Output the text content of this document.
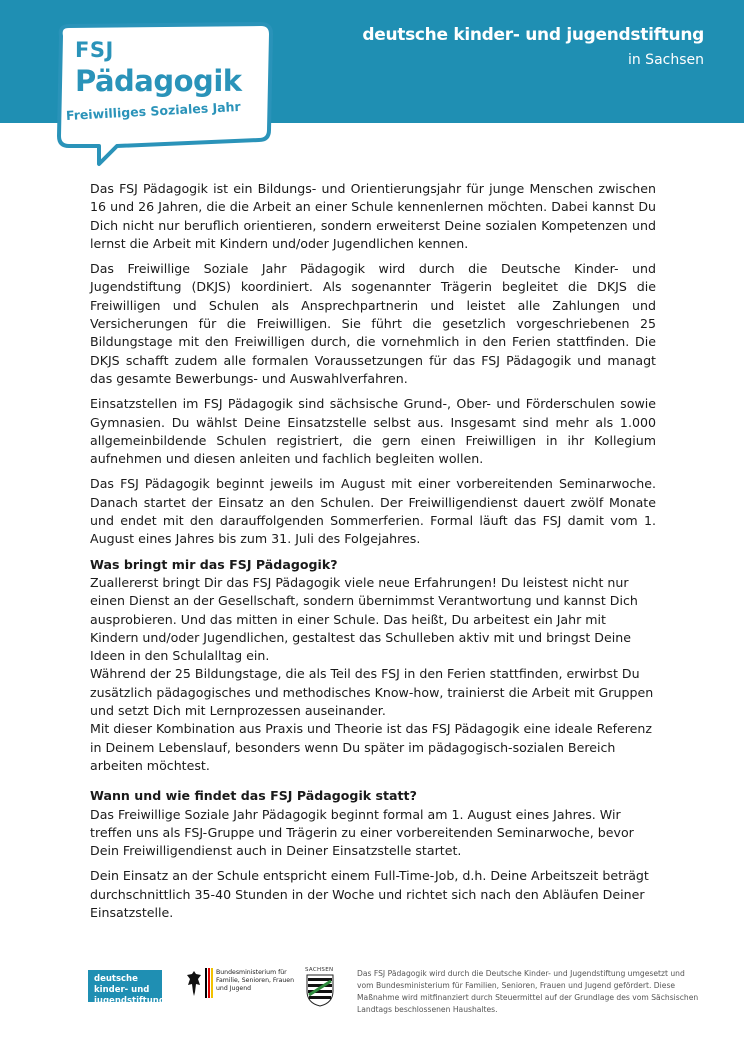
deutsche kinder- und jugendstiftung
in Sachsen
FSJ
Pädagogik
Freiwilliges Soziales Jahr

Das FSJ Pädagogik ist ein Bildungs- und Orientierungsjahr für junge Menschen zwischen 16 und 26 Jahren, die die Arbeit an einer Schule kennenlernen möchten. Dabei kannst Du Dich nicht nur beruflich orientieren, sondern erweiterst Deine sozialen Kompetenzen und lernst die Arbeit mit Kindern und/oder Jugendlichen kennen.

Das Freiwillige Soziale Jahr Pädagogik wird durch die Deutsche Kinder- und Jugendstiftung (DKJS) koordiniert. Als sogenannter Trägerin begleitet die DKJS die Freiwilligen und Schulen als Ansprechpartnerin und leistet alle Zahlungen und Versicherungen für die Freiwilligen. Sie führt die gesetzlich vorgeschriebenen 25 Bildungstage mit den Freiwilligen durch, die vornehmlich in den Ferien stattfinden. Die DKJS schafft zudem alle formalen Voraussetzungen für das FSJ Pädagogik und managt das gesamte Bewerbungs- und Auswahlverfahren.

Einsatzstellen im FSJ Pädagogik sind sächsische Grund-, Ober- und Förderschulen sowie Gymnasien. Du wählst Deine Einsatzstelle selbst aus. Insgesamt sind mehr als 1.000 allgemeinbildende Schulen registriert, die gern einen Freiwilligen in ihr Kollegium aufnehmen und diesen anleiten und fachlich begleiten wollen.

Das FSJ Pädagogik beginnt jeweils im August mit einer vorbereitenden Seminarwoche. Danach startet der Einsatz an den Schulen. Der Freiwilligendienst dauert zwölf Monate und endet mit den darauffolgenden Sommerferien. Formal läuft das FSJ damit vom 1. August eines Jahres bis zum 31. Juli des Folgejahres.

Was bringt mir das FSJ Pädagogik?

Zuallererst bringt Dir das FSJ Pädagogik viele neue Erfahrungen! Du leistest nicht nur einen Dienst an der Gesellschaft, sondern übernimmst Verantwortung und kannst Dich ausprobieren. Und das mitten in einer Schule. Das heißt, Du arbeitest ein Jahr mit Kindern und/oder Jugendlichen, gestaltest das Schulleben aktiv mit und bringst Deine Ideen in den Schulalltag ein.

Während der 25 Bildungstage, die als Teil des FSJ in den Ferien stattfinden, erwirbst Du zusätzlich pädagogisches und methodisches Know-how, trainierst die Arbeit mit Gruppen und setzt Dich mit Lernprozessen auseinander.

Mit dieser Kombination aus Praxis und Theorie ist das FSJ Pädagogik eine ideale Referenz in Deinem Lebenslauf, besonders wenn Du später im pädagogisch-sozialen Bereich arbeiten möchtest.

Wann und wie findet das FSJ Pädagogik statt?

Das Freiwillige Soziale Jahr Pädagogik beginnt formal am 1. August eines Jahres. Wir treffen uns als FSJ-Gruppe und Trägerin zu einer vorbereitenden Seminarwoche, bevor Dein Freiwilligendienst auch in Deiner Einsatzstelle startet.

Dein Einsatz an der Schule entspricht einem Full-Time-Job, d.h. Deine Arbeitszeit beträgt durchschnittlich 35-40 Stunden in der Woche und richtet sich nach den Abläufen Deiner Einsatzstelle.

deutsche kinder- und jugendstiftung
Bundesministerium für Familie, Senioren, Frauen und Jugend
SACHSEN	Das FSJ Pädagogik wird durch die Deutsche Kinder- und Jugendstiftung umgesetzt und vom Bundesministerium für Familien, Senioren, Frauen und Jugend gefördert. Diese Maßnahme wird mitfinanziert durch Steuermittel auf der Grundlage des vom Sächsischen Landtags beschlossenen Haushaltes.
